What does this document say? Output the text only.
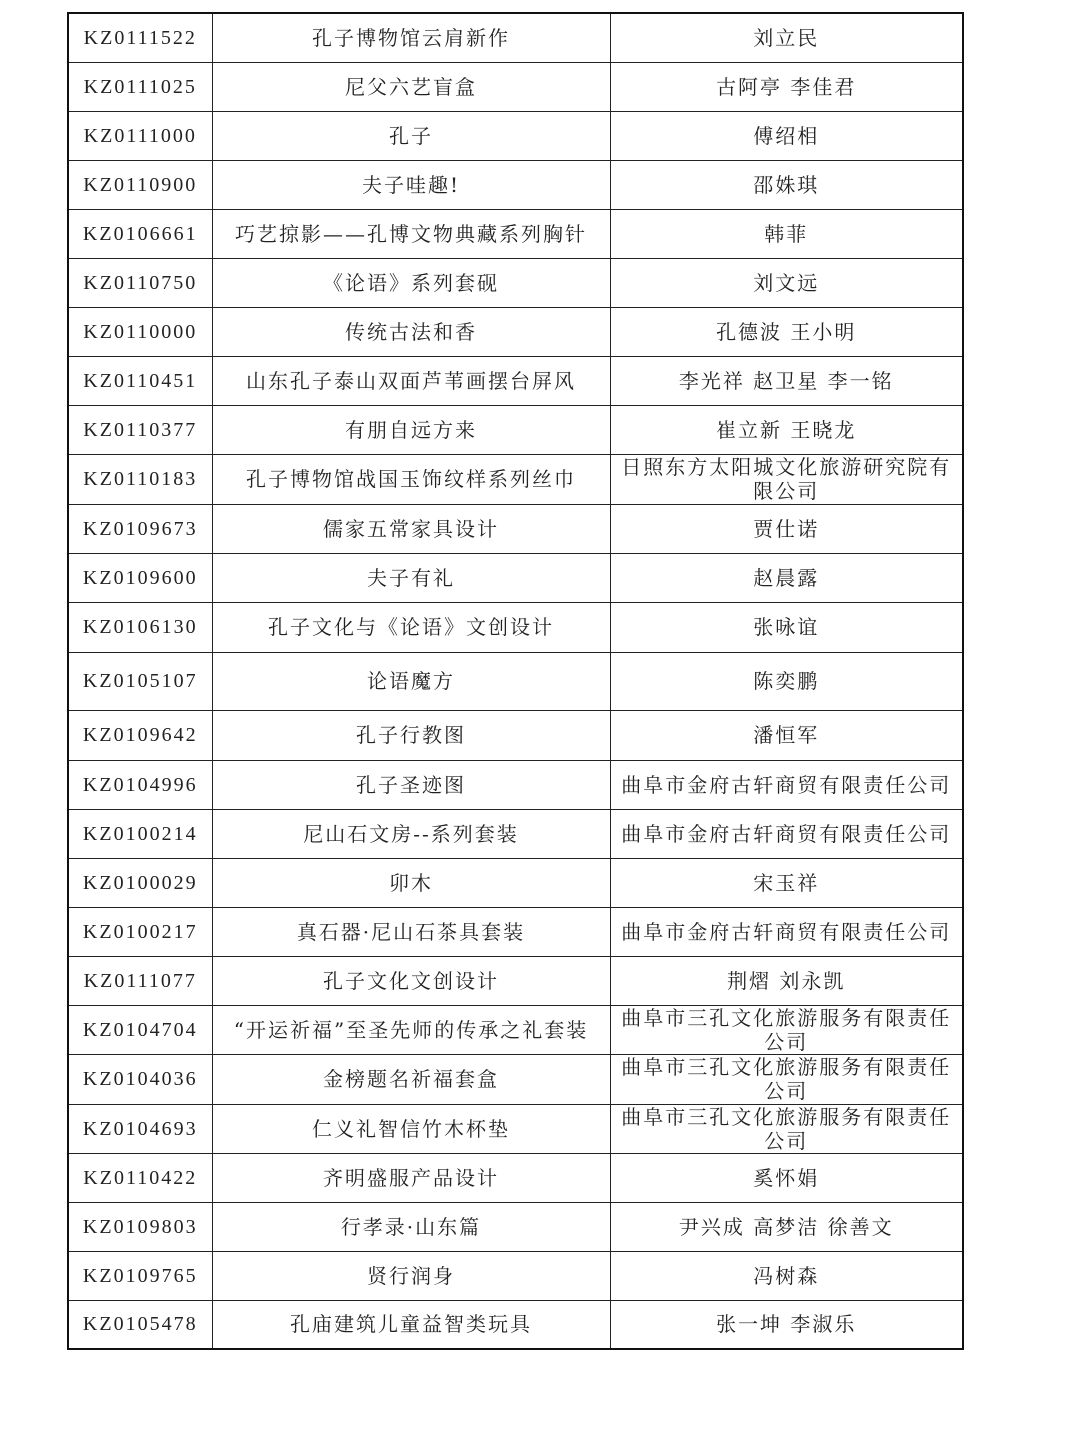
KZ0111522	孔子博物馆云肩新作	刘立民
KZ0111025	尼父六艺盲盒	古阿亭 李佳君
KZ0111000	孔子	傅绍相
KZ0110900	夫子哇趣!	邵姝琪
KZ0106661	巧艺掠影——孔博文物典藏系列胸针	韩菲
KZ0110750	《论语》系列套砚	刘文远
KZ0110000	传统古法和香	孔德波 王小明
KZ0110451	山东孔子泰山双面芦苇画摆台屏风	李光祥 赵卫星 李一铭
KZ0110377	有朋自远方来	崔立新 王晓龙
KZ0110183	孔子博物馆战国玉饰纹样系列丝巾	日照东方太阳城文化旅游研究院有限公司
KZ0109673	儒家五常家具设计	贾仕诺
KZ0109600	夫子有礼	赵晨露
KZ0106130	孔子文化与《论语》文创设计	张咏谊
KZ0105107	论语魔方	陈奕鹏
KZ0109642	孔子行教图	潘恒军
KZ0104996	孔子圣迹图	曲阜市金府古轩商贸有限责任公司
KZ0100214	尼山石文房--系列套装	曲阜市金府古轩商贸有限责任公司
KZ0100029	卯木	宋玉祥
KZ0100217	真石器·尼山石茶具套装	曲阜市金府古轩商贸有限责任公司
KZ0111077	孔子文化文创设计	荆熠 刘永凯
KZ0104704	“开运祈福”至圣先师的传承之礼套装	曲阜市三孔文化旅游服务有限责任公司
KZ0104036	金榜题名祈福套盒	曲阜市三孔文化旅游服务有限责任公司
KZ0104693	仁义礼智信竹木杯垫	曲阜市三孔文化旅游服务有限责任公司
KZ0110422	齐明盛服产品设计	奚怀娟
KZ0109803	行孝录·山东篇	尹兴成 高梦洁 徐善文
KZ0109765	贤行润身	冯树森
KZ0105478	孔庙建筑儿童益智类玩具	张一坤 李淑乐
